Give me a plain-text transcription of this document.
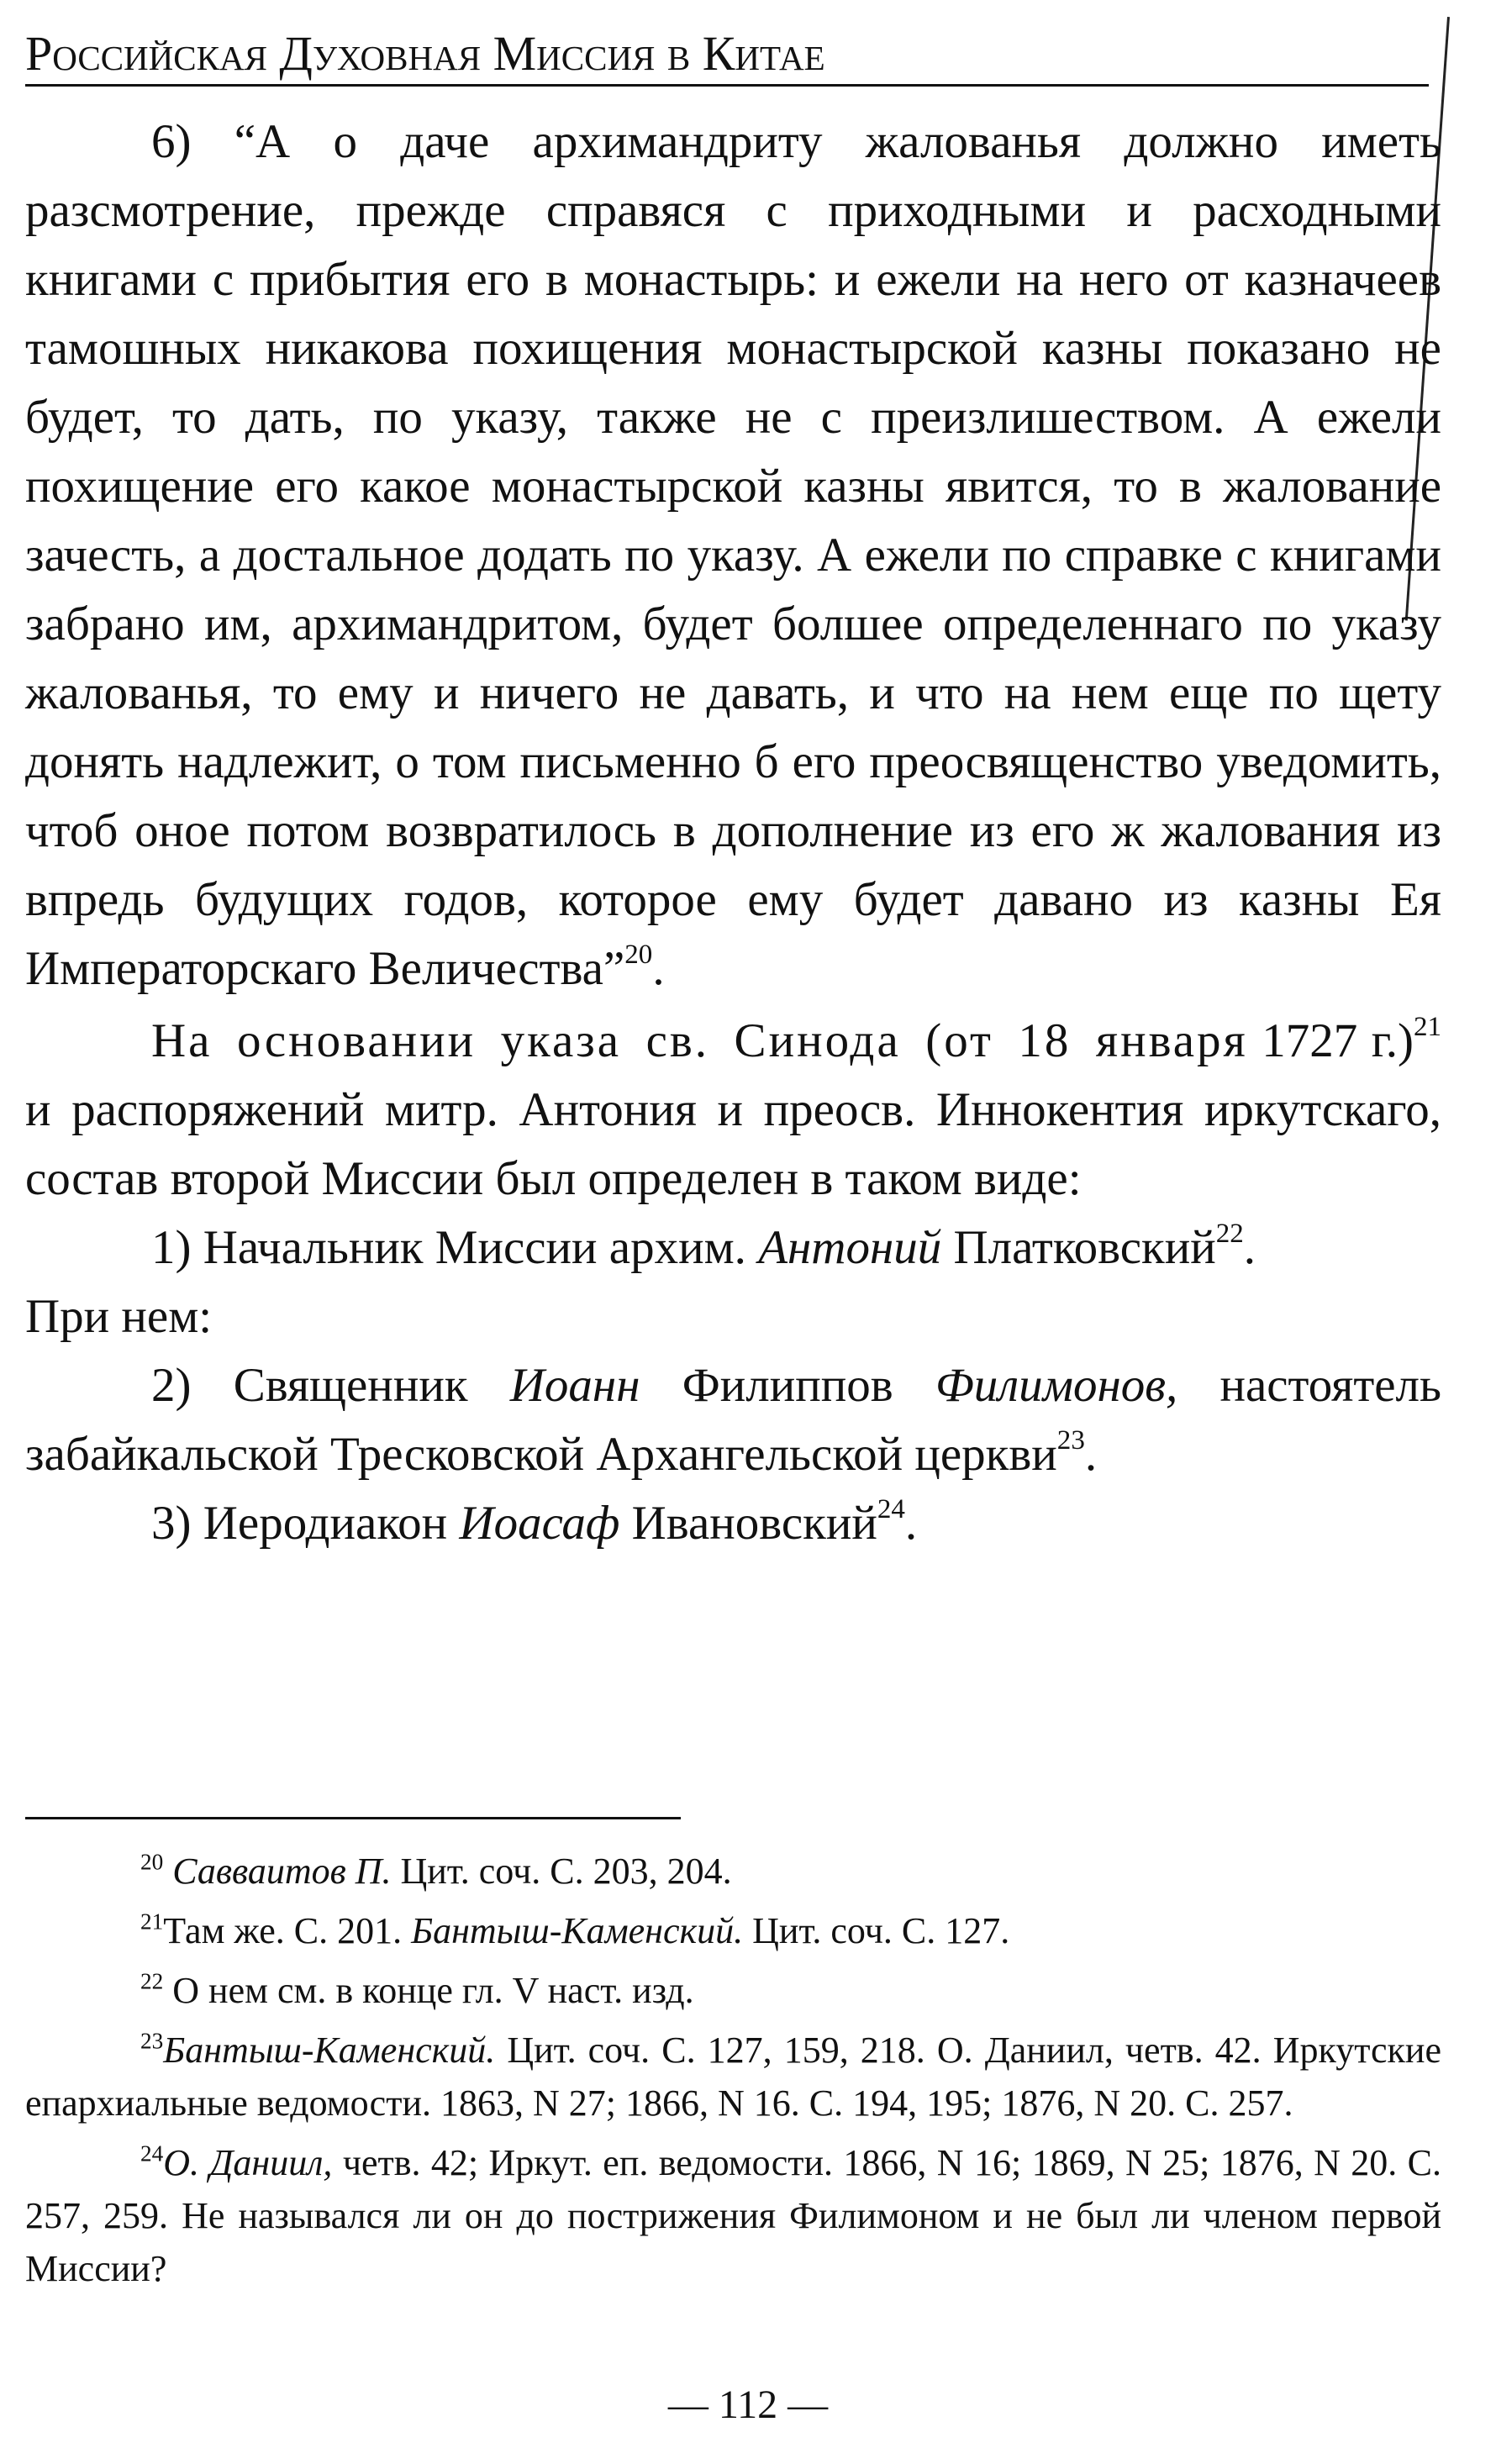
Российская Духовная Миссия в Китае

6) “А о даче архимандриту жалованья должно иметь разсмотрение, прежде справяся с приходными и расходными книгами с прибытия его в монастырь: и ежели на него от казначеев тамошных никакова похищения монастырской казны показано не будет, то дать, по указу, также не с преизлишеством. А ежели похищение его какое монастырской казны явится, то в жалование зачесть, а достальное додать по указу. А ежели по справке с книгами забрано им, архимандритом, будет болшее определеннаго по указу жалованья, то ему и ничего не давать, и что на нем еще по щету донять надлежит, о том письменно б его преосвященство уведомить, чтоб оное потом возвратилось в дополнение из его ж жалования из впредь будущих годов, которое ему будет давано из казны Ея Императорскаго Величества”$^{20}$.

На основании указа св. Синода (от 18 января 1727 г.)$^{21}$ и распоряжений митр. Антония и преосв. Иннокентия иркутскаго, состав второй Миссии был определен в таком виде:

1) Начальник Миссии архим. Антоний Платковский$^{22}$.

При нем:

2) Священник Иоанн Филиппов Филимонов, настоятель забайкальской Тресковской Архангельской церкви$^{23}$.

3) Иеродиакон Иоасаф Ивановский$^{24}$.

$^{20}$ Савваитов П. Цит. соч. С. 203, 204.

$^{21}$Там же. С. 201. Бантыш-Каменский. Цит. соч. С. 127.

$^{22}$ О нем см. в конце гл. V наст. изд.

$^{23}$Бантыш-Каменский. Цит. соч. С. 127, 159, 218. О. Даниил, четв. 42. Иркутские епархиальные ведомости. 1863, N 27; 1866, N 16. С. 194, 195; 1876, N 20. С. 257.

$^{24}$О. Даниил, четв. 42; Иркут. еп. ведомости. 1866, N 16; 1869, N 25; 1876, N 20. С. 257, 259. Не назывался ли он до пострижения Филимоном и не был ли членом первой Миссии?

— 112 —
